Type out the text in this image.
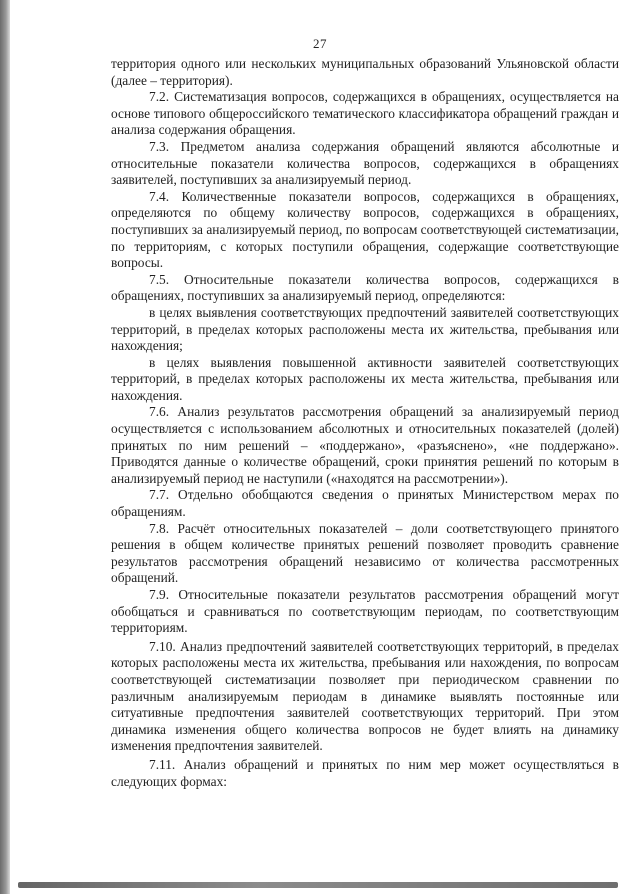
27

территория одного или нескольких муниципальных образований Ульяновской области (далее – территория).

7.2. Систематизация вопросов, содержащихся в обращениях, осуществляется на основе типового общероссийского тематического классификатора обращений граждан и анализа содержания обращения.

7.3. Предметом анализа содержания обращений являются абсолютные и относительные показатели количества вопросов, содержащихся в обращениях заявителей, поступивших за анализируемый период.

7.4. Количественные показатели вопросов, содержащихся в обращениях, определяются по общему количеству вопросов, содержащихся в обращениях, поступивших за анализируемый период, по вопросам соответствующей систематизации, по территориям, с которых поступили обращения, содержащие соответствующие вопросы.

7.5. Относительные показатели количества вопросов, содержащихся в обращениях, поступивших за анализируемый период, определяются:

в целях выявления соответствующих предпочтений заявителей соответствующих территорий, в пределах которых расположены места их жительства, пребывания или нахождения;

в целях выявления повышенной активности заявителей соответствующих территорий, в пределах которых расположены их места жительства, пребывания или нахождения.

7.6. Анализ результатов рассмотрения обращений за анализируемый период осуществляется с использованием абсолютных и относительных показателей (долей) принятых по ним решений – «поддержано», «разъяснено», «не поддержано». Приводятся данные о количестве обращений, сроки принятия решений по которым в анализируемый период не наступили («находятся на рассмотрении»).

7.7. Отдельно обобщаются сведения о принятых Министерством мерах по обращениям.

7.8. Расчёт относительных показателей – доли соответствующего принятого решения в общем количестве принятых решений позволяет проводить сравнение результатов рассмотрения обращений независимо от количества рассмотренных обращений.

7.9. Относительные показатели результатов рассмотрения обращений могут обобщаться и сравниваться по соответствующим периодам, по соответствующим территориям.

7.10. Анализ предпочтений заявителей соответствующих территорий, в пределах которых расположены места их жительства, пребывания или нахождения, по вопросам соответствующей систематизации позволяет при периодическом сравнении по различным анализируемым периодам в динамике выявлять постоянные или ситуативные предпочтения заявителей соответствующих территорий. При этом динамика изменения общего количества вопросов не будет влиять на динамику изменения предпочтения заявителей.

7.11. Анализ обращений и принятых по ним мер может осуществляться в следующих формах:
